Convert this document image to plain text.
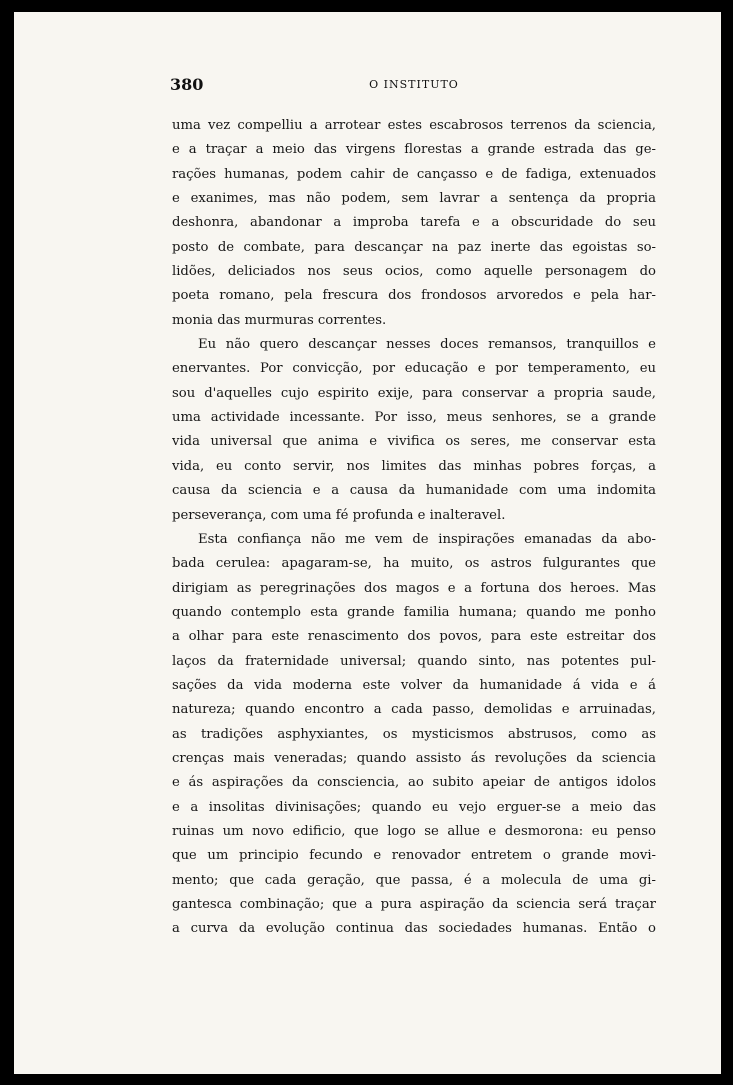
380	O INSTITUTO
uma vez compelliu a arrotear estes escabrosos terrenos da sciencia,
e a traçar a meio das virgens florestas a grande estrada das ge-
rações humanas, podem cahir de cançasso e de fadiga, extenuados
e exanimes, mas não podem, sem lavrar a sentença da propria
deshonra, abandonar a improba tarefa e a obscuridade do seu
posto de combate, para descançar na paz inerte das egoistas so-
lidões, deliciados nos seus ocios, como aquelle personagem do
poeta romano, pela frescura dos frondosos arvoredos e pela har-
monia das murmuras correntes.
Eu não quero descançar nesses doces remansos, tranquillos e
enervantes. Por convicção, por educação e por temperamento, eu
sou d'aquelles cujo espirito exije, para conservar a propria saude,
uma actividade incessante. Por isso, meus senhores, se a grande
vida universal que anima e vivifica os seres, me conservar esta
vida, eu conto servir, nos limites das minhas pobres forças, a
causa da sciencia e a causa da humanidade com uma indomita
perseverança, com uma fé profunda e inalteravel.
Esta confiança não me vem de inspirações emanadas da abo-
bada cerulea: apagaram-se, ha muito, os astros fulgurantes que
dirigiam as peregrinações dos magos e a fortuna dos heroes. Mas
quando contemplo esta grande familia humana; quando me ponho
a olhar para este renascimento dos povos, para este estreitar dos
laços da fraternidade universal; quando sinto, nas potentes pul-
sações da vida moderna este volver da humanidade á vida e á
natureza; quando encontro a cada passo, demolidas e arruinadas,
as tradições asphyxiantes, os mysticismos abstrusos, como as
crenças mais veneradas; quando assisto ás revoluções da sciencia
e ás aspirações da consciencia, ao subito apeiar de antigos idolos
e a insolitas divinisações; quando eu vejo erguer-se a meio das
ruinas um novo edificio, que logo se allue e desmorona: eu penso
que um principio fecundo e renovador entretem o grande movi-
mento; que cada geração, que passa, é a molecula de uma gi-
gantesca combinação; que a pura aspiração da sciencia será traçar
a curva da evolução continua das sociedades humanas. Então o
